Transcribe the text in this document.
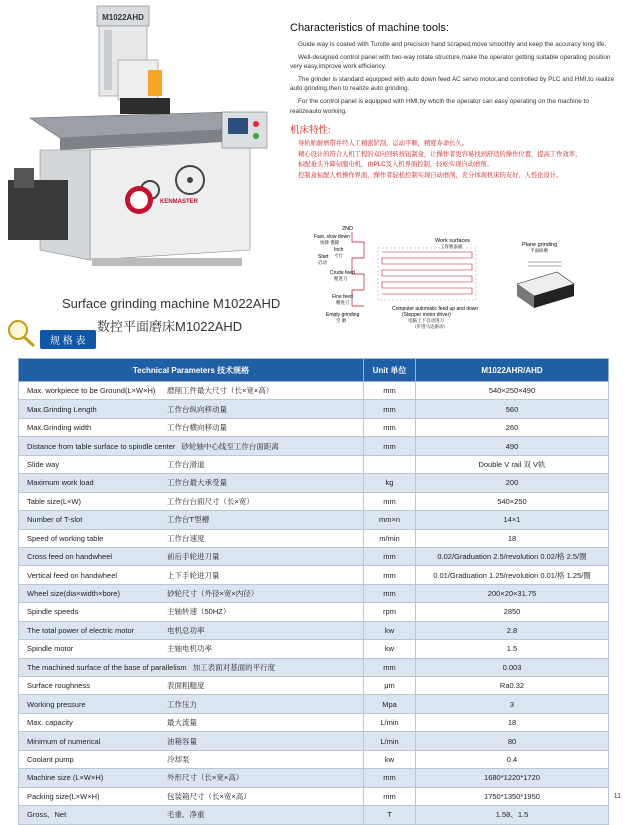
M1022AHD
KENMASTER
Surface grinding machine M1022AHD
数控平面磨床M1022AHD
Characteristics of machine tools:

Guide way is coated with Turcite and precision hand scraped,move smoothly and keep the accuracy long life.

Well-designed control panel with two-way rotate structure,make the operator getting suitable operating position very easy,improve work efficiency.

The grinder is standard equipped with auto down feed AC servo motor,and controlled by PLC and HMI,to realize auto grinding,then to realize auto grinding.

For the control panel is equipped with HMI,by whcih the operator can easy operating on the machine to realizeauto working.

机床特性:

导轨贴耐磨带并经人工精密铲刮，运动平顺，精度寿命长久。

精心设计的符合人机工程的双向回转按钮制盒，让操作者更容易找到舒适的操作位置，提高工作效率，

标配垂头升降伺服电机，由PLC及人机界面控制，轻松实现自动磨削。

控制盒标配人机操作界面，操作者轻松控制实现自动磨削，充分体现机床的友好、人性化设计。

2ND
Fast, slow down
快降 慢降
Inch
寸行
Start
启动
Crude feed
粗进刀
Fine feed
精进刀
Empty grinding
空 磨
Work surfaces
工作物表面
Computer automatic feed up and down
(Stepper motor driver)
电脑上下自动进刀
（步进马达驱动）
Plane grinding
平面研磨
规 格 表
Technical Parameters 技术规格	Unit 单位	M1022AHR/AHD
Max. workpiece to be Ground(L×W×H) 磨削工件最大尺寸（长×宽×高）	mm	540×250×490
Max.Grinding Length 工作台纵向移动量	mm	560
Max.Grinding width 工作台横向移动量	mm	260
Distance from table surface to spindle center 砂轮轴中心线至工作台面距离	mm	490
Slide way 工作台滑道		Double V rail 双 V轨
Maximum work load 工作台最大承受量	kg	200
Table size(L×W) 工作台台面尺寸（长×宽）	mm	540×250
Number of T-slot 工作台T型槽	mm×n	14×1
Speed of working table 工作台速度	m/min	18
Cross feed on handwheel 前后手轮进刀量	mm	0.02/Graduation 2.5/revolution 0.02/格 2.5/圈
Vertical feed on handwheel 上下手轮进刀量	mm	0.01/Graduation 1.25/revolution 0.01/格 1.25/圈
Wheel size(dia×width×bore) 砂轮尺寸（外径×宽×内径）	mm	200×20×31.75
Spindle speeds 主轴转速（50HZ）	rpm	2850
The total power of electric motor 电机总功率	kw	2.8
Spindle motor 主轴电机功率	kw	1.5
The machined surface of the base of parallelism 加工表面对基面的平行度	mm	0.003
Surface roughness 表面粗糙度	μm	Ra0.32
Working pressure 工作压力	Mpa	3
Max. capacity 最大流量	L/min	18
Minimum of numerical 油箱容量	L/min	80
Coolant pump 冷却泵	kw	0.4
Machine size (L×W×H) 外形尺寸（长×宽×高）	mm	1680*1220*1720
Packing size(L×W×H) 包装箱尺寸（长×宽×高）	mm	1750*1350*1950
Gross、Net 毛重、净重	T	1.58、1.5
11
